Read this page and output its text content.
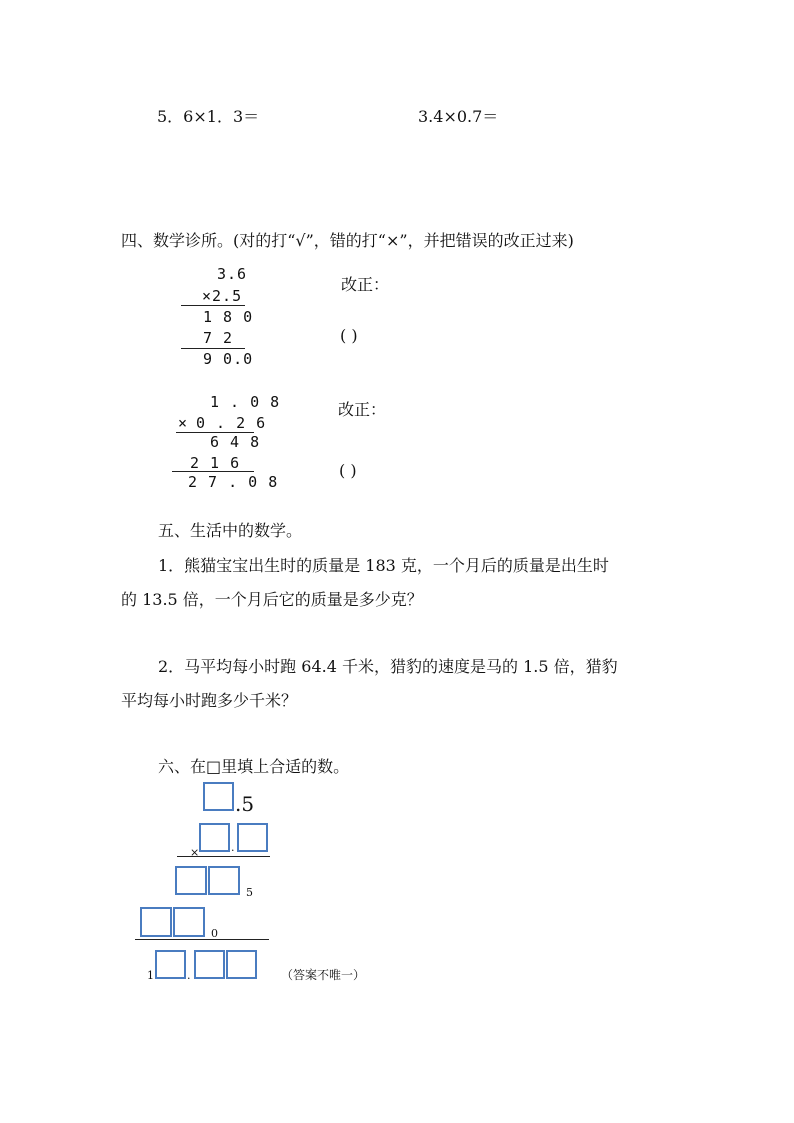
5．6×1．3＝	3.4×0.7＝
四、数学诊所。(对的打“√”，错的打“×”，并把错误的改正过来)
3.6
×2.5
1 8 0
7 2
9 0.0
改正：
( )
1 . 0 8
× 0 . 2 6
6 4 8
2 1 6
2 7 . 0 8
改正：
( )
五、生活中的数学。
1．熊猫宝宝出生时的质量是 183 克，一个月后的质量是出生时
的 13.5 倍，一个月后它的质量是多少克？
2．马平均每小时跑 64.4 千米，猎豹的速度是马的 1.5 倍，猎豹
平均每小时跑多少千米？
六、在□里填上合适的数。
.5
×	.
5
0
1	.	（答案不唯一）
